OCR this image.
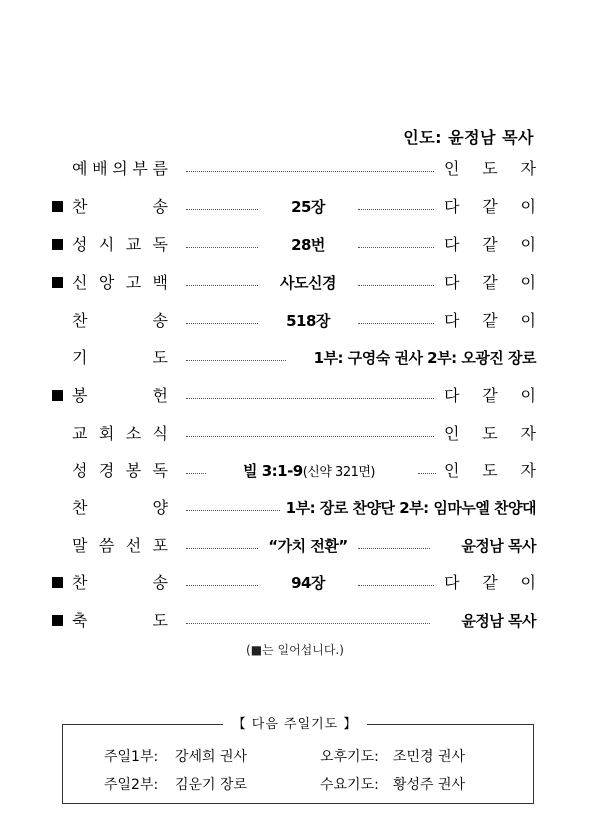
인도: 윤정남 목사
예 배 의 부 름	인 도 자
찬	송	25장	다 같 이
성 시 교 독	28번	다 같 이
신 앙 고 백	사도신경	다 같 이
찬	송	518장	다 같 이
기	도	1부: 구영숙 권사 2부: 오광진 장로
봉	헌	다 같 이
교 회 소 식	인 도 자
성 경 봉 독	빌 3:1-9(신약 321면)	인 도 자
찬	양	1부: 장로 찬양단 2부: 임마누엘 찬양대
말 씀 선 포	“가치 전환”	윤정남 목사
찬	송	94장	다 같 이
축	도	윤정남 목사
(■는 일어섭니다.)
【 다음 주일기도 】
주일1부: 강세희 권사	오후기도: 조민경 권사
주일2부: 김운기 장로	수요기도: 황성주 권사
